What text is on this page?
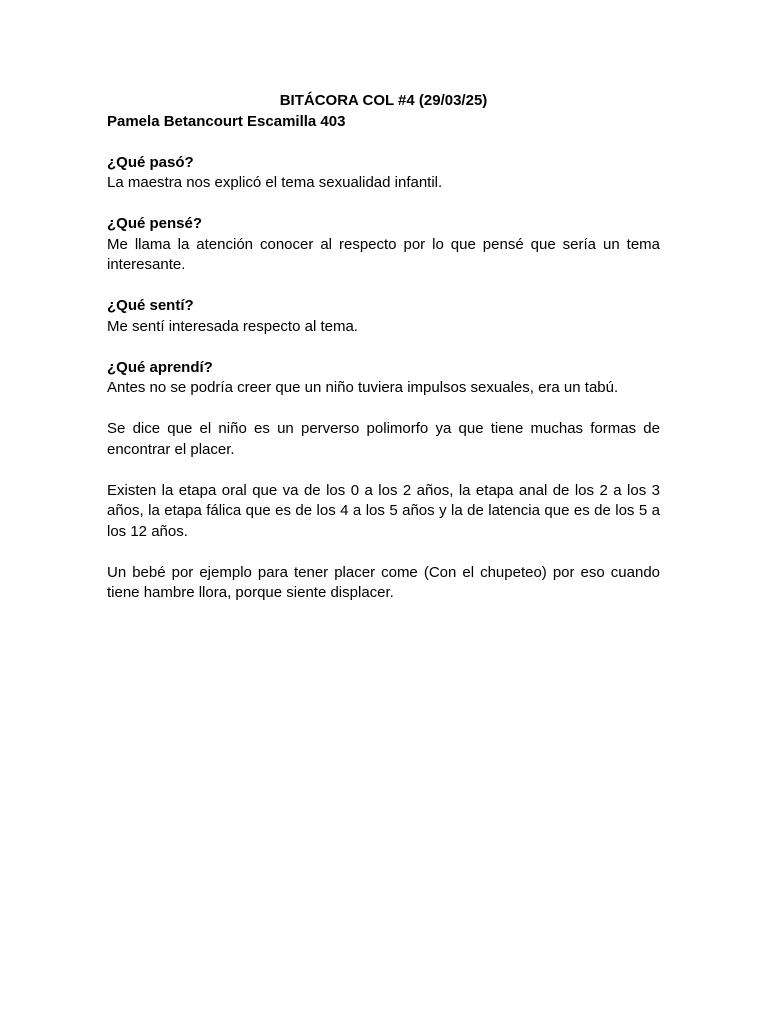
BITÁCORA COL #4 (29/03/25)

Pamela Betancourt Escamilla 403

¿Qué pasó?

La maestra nos explicó el tema sexualidad infantil.

¿Qué pensé?

Me llama la atención conocer al respecto por lo que pensé que sería un tema interesante.

¿Qué sentí?

Me sentí interesada respecto al tema.

¿Qué aprendí?

Antes no se podría creer que un niño tuviera impulsos sexuales, era un tabú.

Se dice que el niño es un perverso polimorfo ya que tiene muchas formas de encontrar el placer.

Existen la etapa oral que va de los 0 a los 2 años, la etapa anal de los 2 a los 3 años, la etapa fálica que es de los 4 a los 5 años y la de latencia que es de los 5 a los 12 años.

Un bebé por ejemplo para tener placer come (Con el chupeteo) por eso cuando tiene hambre llora, porque siente displacer.
